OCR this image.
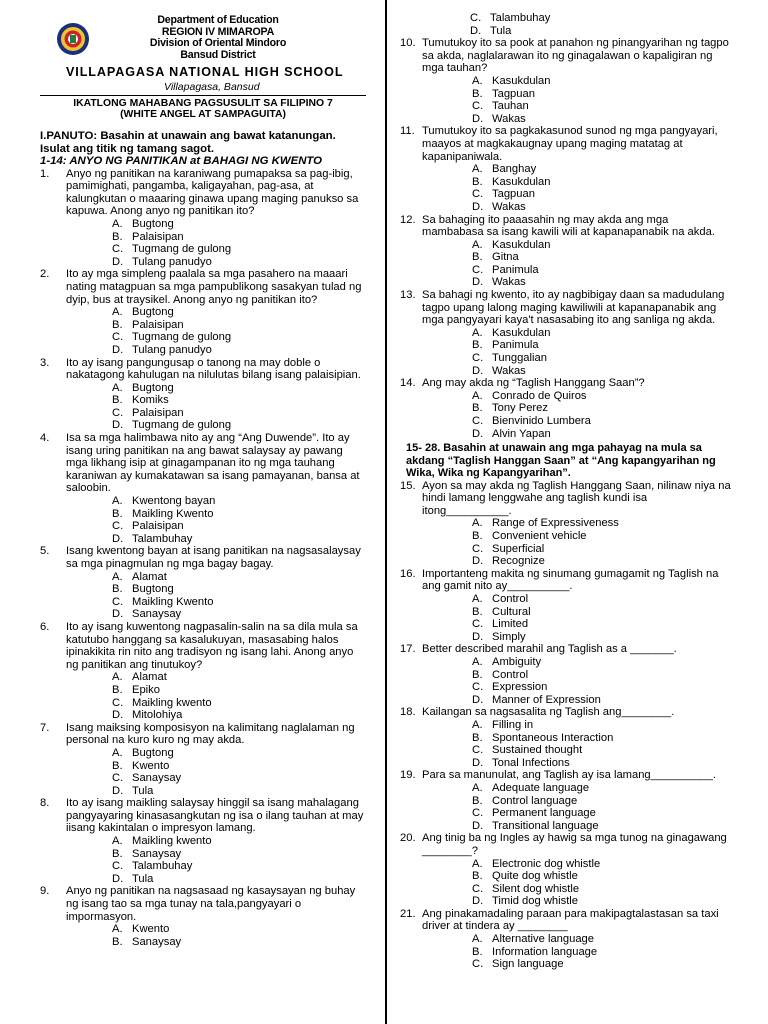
Department of Education
REGION IV MIMAROPA
Division of Oriental Mindoro
Bansud District
VILLAPAGASA NATIONAL HIGH SCHOOL
Villapagasa, Bansud
IKATLONG MAHABANG PAGSUSULIT SA FILIPINO 7
(WHITE ANGEL AT SAMPAGUITA)
I.PANUTO: Basahin at unawain ang bawat katanungan. Isulat ang titik ng tamang sagot.
1-14: ANYO NG PANITIKAN at BAHAGI NG KWENTO
1.	Anyo ng panitikan na karaniwang pumapaksa sa pag-ibig, pamimighati, pangamba, kaligayahan, pag-asa, at kalungkutan o maaaring ginawa upang maging panukso sa kapuwa. Anong anyo ng panitikan ito?
A. Bugtong
B. Palaisipan
C. Tugmang de gulong
D. Tulang panudyo
2.	Ito ay mga simpleng paalala sa mga pasahero na maaari nating matagpuan sa mga pampublikong sasakyan tulad ng dyip, bus at traysikel. Anong anyo ng panitikan ito?
A. Bugtong
B. Palaisipan
C. Tugmang de gulong
D. Tulang panudyo
3.	Ito ay isang pangungusap o tanong na may doble o nakatagong kahulugan na nilulutas bilang isang palaisipian.
A. Bugtong
B. Komiks
C. Palaisipan
D. Tugmang de gulong
4.	Isa sa mga halimbawa nito ay ang “Ang Duwende”. Ito ay isang uring panitikan na ang bawat salaysay ay pawang mga likhang isip at ginagampanan ito ng mga tauhang karaniwan ay kumakatawan sa isang pamayanan, bansa at saloobin.
A. Kwentong bayan
B. Maikling Kwento
C. Palaisipan
D. Talambuhay
5.	Isang kwentong bayan at isang panitikan na nagsasalaysay sa mga pinagmulan ng mga bagay bagay.
A. Alamat
B. Bugtong
C. Maikling Kwento
D. Sanaysay
6.	Ito ay isang kuwentong nagpasalin-salin na sa dila mula sa katutubo hanggang sa kasalukuyan, masasabing halos ipinakikita rin nito ang tradisyon ng isang lahi. Anong anyo ng panitikan ang tinutukoy?
A. Alamat
B. Epiko
C. Maikling kwento
D. Mitolohiya
7.	Isang maiksing komposisyon na kalimitang naglalaman ng personal na kuro kuro ng may akda.
A. Bugtong
B. Kwento
C. Sanaysay
D. Tula
8.	Ito ay isang maikling salaysay hinggil sa isang mahalagang pangyayaring kinasasangkutan ng isa o ilang tauhan at may iisang kakintalan o impresyon lamang.
A. Maikling kwento
B. Sanaysay
C. Talambuhay
D. Tula
9.	Anyo ng panitikan na nagsasaad ng kasaysayan ng buhay ng isang tao sa mga tunay na tala,pangyayari o impormasyon.
A. Kwento
B. Sanaysay
C. Talambuhay
D. Tula
10. Tumutukoy ito sa pook at panahon ng pinangyarihan ng tagpo sa akda, naglalarawan ito ng ginagalawan o kapaligiran ng mga tauhan?
A. Kasukdulan
B. Tagpuan
C. Tauhan
D. Wakas
11. Tumutukoy ito sa pagkakasunod sunod ng mga pangyayari, maayos at magkakaugnay upang maging matatag at kapanipaniwala.
A. Banghay
B. Kasukdulan
C. Tagpuan
D. Wakas
12. Sa bahaging ito paaasahin ng may akda ang mga mambabasa sa isang kawili wili at kapanapanabik na akda.
A. Kasukdulan
B. Gitna
C. Panimula
D. Wakas
13. Sa bahagi ng kwento, ito ay nagbibigay daan sa madudulang tagpo upang lalong maging kawiliwili at kapanapanabik ang mga pangyayari kaya't nasasabing ito ang sanliga ng akda.
A. Kasukdulan
B. Panimula
C. Tunggalian
D. Wakas
14. Ang may akda ng “Taglish Hanggang Saan”?
A. Conrado de Quiros
B. Tony Perez
C. Bienvinido Lumbera
D. Alvin Yapan
15- 28. Basahin at unawain ang mga pahayag na mula sa akdang “Taglish Hanggan Saan” at “Ang kapangyarihan ng Wika, Wika ng Kapangyarihan”.
15. Ayon sa may akda ng Taglish Hanggang Saan, nilinaw niya na hindi lamang lenggwahe ang taglish kundi isa itong__________.
A. Range of Expressiveness
B. Convenient vehicle
C. Superficial
D. Recognize
16. Importanteng makita ng sinumang gumagamit ng Taglish na ang gamit nito ay__________.
A. Control
B. Cultural
C. Limited
D. Simply
17. Better described marahil ang Taglish as a _______.
A. Ambiguity
B. Control
C. Expression
D. Manner of Expression
18. Kailangan sa nagsasalita ng Taglish ang________.
A. Filling in
B. Spontaneous Interaction
C. Sustained thought
D. Tonal Infections
19. Para sa manunulat, ang Taglish ay isa lamang__________.
A. Adequate language
B. Control language
C. Permanent language
D. Transitional language
20. Ang tinig ba ng Ingles ay hawig sa mga tunog na ginagawang ________?
A. Electronic dog whistle
B. Quite dog whistle
C. Silent dog whistle
D. Timid dog whistle
21. Ang pinakamadaling paraan para makipagtalastasan sa taxi driver at tindera ay ________
A. Alternative language
B. Information language
C. Sign language
